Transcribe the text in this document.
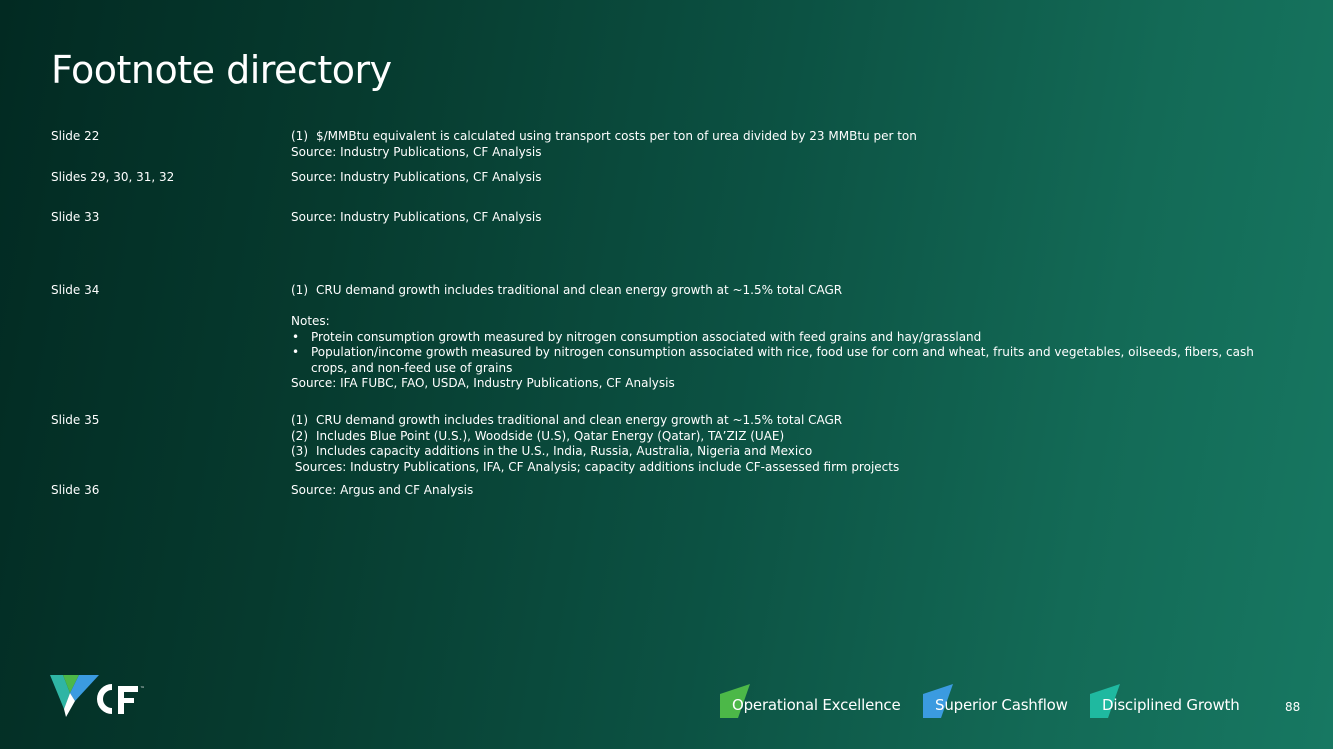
Footnote directory
Slide 22	(1) $/MMBtu equivalent is calculated using transport costs per ton of urea divided by 23 MMBtu per ton
Source: Industry Publications, CF Analysis
Slides 29, 30, 31, 32	Source: Industry Publications, CF Analysis
Slide 33	Source: Industry Publications, CF Analysis
Slide 34	(1) CRU demand growth includes traditional and clean energy growth at ~1.5% total CAGR
Notes:
• Protein consumption growth measured by nitrogen consumption associated with feed grains and hay/grassland
• Population/income growth measured by nitrogen consumption associated with rice, food use for corn and wheat, fruits and vegetables, oilseeds, fibers, cash crops, and non-feed use of grains
Source: IFA FUBC, FAO, USDA, Industry Publications, CF Analysis
Slide 35	(1) CRU demand growth includes traditional and clean energy growth at ~1.5% total CAGR
(2) Includes Blue Point (U.S.), Woodside (U.S), Qatar Energy (Qatar), TA’ZIZ (UAE)
(3) Includes capacity additions in the U.S., India, Russia, Australia, Nigeria and Mexico
Sources: Industry Publications, IFA, CF Analysis; capacity additions include CF-assessed firm projects
Slide 36	Source: Argus and CF Analysis
™
Operational Excellence Superior Cashflow Disciplined Growth	88
